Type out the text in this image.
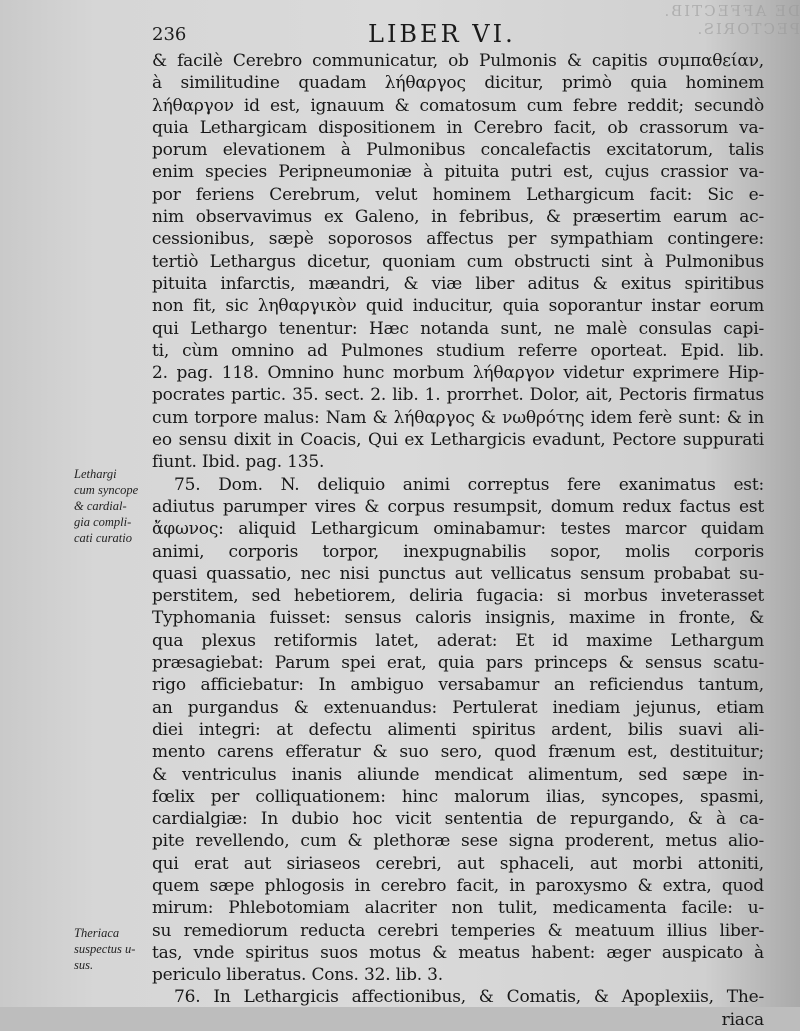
DE AFFECTIB. PECTORIS.
236	LIBER VI.
& facilè Cerebro communicatur, ob Pulmonis & capitis συμπαθείαν,
à similitudine quadam λήθαργος dicitur, primò quia hominem
λήθαργον id est, ignauum & comatosum cum febre reddit; secundò
quia Lethargicam dispositionem in Cerebro facit, ob crassorum va-
porum elevationem à Pulmonibus concalefactis excitatorum, talis
enim species Peripneumoniæ à pituita putri est, cujus crassior va-
por feriens Cerebrum, velut hominem Lethargicum facit: Sic e-
nim observavimus ex Galeno, in febribus, & præsertim earum ac-
cessionibus, sæpè soporosos affectus per sympathiam contingere:
tertiò Lethargus dicetur, quoniam cum obstructi sint à Pulmonibus
pituita infarctis, mæandri, & viæ liber aditus & exitus spiritibus
non fit, sic ληθαργικὸν quid inducitur, quia soporantur instar eorum
qui Lethargo tenentur: Hæc notanda sunt, ne malè consulas capi-
ti, cùm omnino ad Pulmones studium referre oporteat. Epid. lib.
2. pag. 118. Omnino hunc morbum λήθαργον videtur exprimere Hip-
pocrates partic. 35. sect. 2. lib. 1. prorrhet. Dolor, ait, Pectoris firmatus
cum torpore malus: Nam & λήθαργος & νωθρότης idem ferè sunt: & in
eo sensu dixit in Coacis, Qui ex Lethargicis evadunt, Pectore suppurati
fiunt. Ibid. pag. 135.
75. Dom. N. deliquio animi correptus fere exanimatus est:
adiutus parumper vires & corpus resumpsit, domum redux factus est
ἄφωνος: aliquid Lethargicum ominabamur: testes marcor quidam
animi, corporis torpor, inexpugnabilis sopor, molis corporis
quasi quassatio, nec nisi punctus aut vellicatus sensum probabat su-
perstitem, sed hebetiorem, deliria fugacia: si morbus inveterasset
Typhomania fuisset: sensus caloris insignis, maxime in fronte, &
qua plexus retiformis latet, aderat: Et id maxime Lethargum
præsagiebat: Parum spei erat, quia pars princeps & sensus scatu-
rigo afficiebatur: In ambiguo versabamur an reficiendus tantum,
an purgandus & extenuandus: Pertulerat inediam jejunus, etiam
diei integri: at defectu alimenti spiritus ardent, bilis suavi ali-
mento carens efferatur & suo sero, quod frænum est, destituitur;
& ventriculus inanis aliunde mendicat alimentum, sed sæpe in-
fœlix per colliquationem: hinc malorum ilias, syncopes, spasmi,
cardialgiæ: In dubio hoc vicit sententia de repurgando, & à ca-
pite revellendo, cum & plethoræ sese signa proderent, metus alio-
qui erat aut siriaseos cerebri, aut sphaceli, aut morbi attoniti,
quem sæpe phlogosis in cerebro facit, in paroxysmo & extra, quod
mirum: Phlebotomiam alacriter non tulit, medicamenta facile: u-
su remediorum reducta cerebri temperies & meatuum illius liber-
tas, vnde spiritus suos motus & meatus habent: æger auspicato à
periculo liberatus. Cons. 32. lib. 3.
76. In Lethargicis affectionibus, & Comatis, & Apoplexiis, The-
riaca
Lethargi
cum syncope
& cardial-
gia compli-
cati curatio
Theriaca
suspectus u-
sus.
